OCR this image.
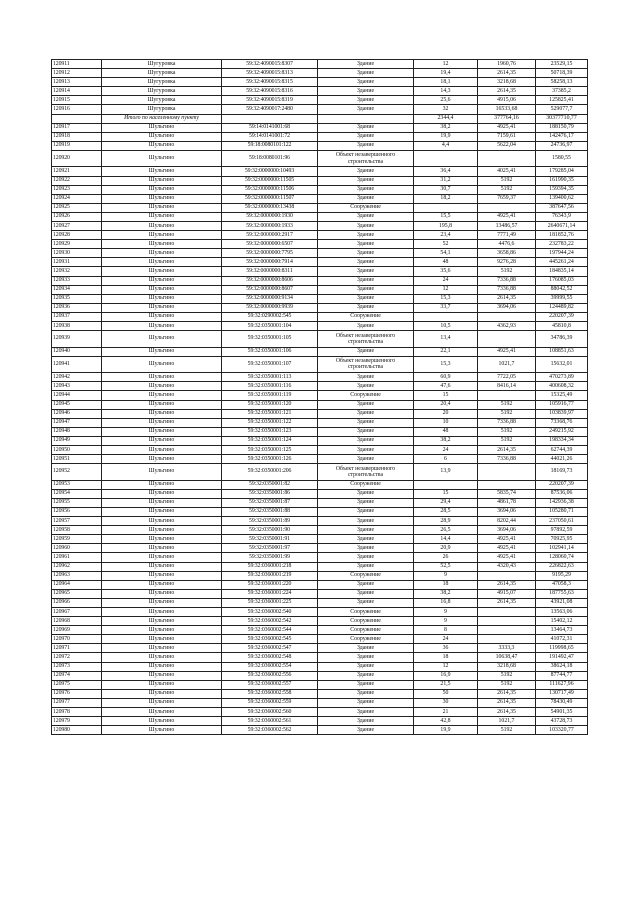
120911	Шугуровка	59:32:4090015:8307	Здание	12	1960,76	23529,15
120912	Шугуровка	59:32:4090015:8313	Здание	19,4	2614,35	50718,39
120913	Шугуровка	59:32:4090015:8315	Здание	18,1	3218,68	58258,13
120914	Шугуровка	59:32:4090015:8316	Здание	14,3	2614,35	37385,2
120915	Шугуровка	59:32:4090015:8319	Здание	25,6	4915,06	125825,41
120916	Шугуровка	59:32:4090017:2480	Здание	32	16533,68	529077,7
	Итого по населенному пункту			2344,4	377764,16	30377710,77
120917	Шульгино	59:14:0141001:68	Здание	38,2	4925,41	188150,79
120918	Шульгино	59:14:0141001:72	Здание	19,9	7159,61	142476,17
120919	Шульгино	59:18:0080101:122	Здание	4,4	5622,04	24736,97
120920	Шульгино	59:18:0080101:96	Объект незавершенного строительства			1580,55
120921	Шульгино	59:32:0000000:10493	Здание	36,4	4025,41	179285,04
120922	Шульгино	59:32:0000000:11505	Здание	31,2	5192	161990,35
120923	Шульгино	59:32:0000000:11506	Здание	30,7	5192	159394,35
120924	Шульгино	59:32:0000000:11507	Здание	18,2	7659,37	139400,62
120925	Шульгино	59:32:0000000:13438	Сооружение			387647,56
120926	Шульгино	59:32:0000000:1930	Здание	15,5	4925,41	76343,9
120927	Шульгино	59:32:0000000:1933	Здание	195,8	13486,57	2640671,14
120928	Шульгино	59:32:0000000:2917	Здание	23,4	7771,49	181852,76
120929	Шульгино	59:32:0000000:6507	Здание	52	4476,6	232783,22
120930	Шульгино	59:32:0000000:7795	Здание	54,1	3658,86	197944,24
120931	Шульгино	59:32:0000000:7914	Здание	48	9276,28	445261,24
120932	Шульгино	59:32:0000000:8311	Здание	35,6	5192	184835,14
120933	Шульгино	59:32:0000000:8606	Здание	24	7336,88	176085,03
120934	Шульгино	59:32:0000000:8607	Здание	12	7336,88	88042,52
120935	Шульгино	59:32:0000000:9134	Здание	15,3	2614,35	39999,55
120936	Шульгино	59:32:0000000:9939	Здание	33,7	3694,06	124489,82
120937	Шульгино	59:32:0290002:545	Сооружение			220207,39
120938	Шульгино	59:32:0350001:104	Здание	10,5	4362,93	45810,8
120939	Шульгино	59:32:0350001:105	Объект незавершенного строительства	13,4		34786,39
120940	Шульгино	59:32:0350001:106	Здание	22,1	4925,41	108851,63
120941	Шульгино	59:32:0350001:107	Объект незавершенного строительства	15,3	1021,7	15632,01
120942	Шульгино	59:32:0350001:113	Здание	60,9	7722,05	470273,89
120943	Шульгино	59:32:0350001:116	Здание	47,6	8416,14	400608,32
120944	Шульгино	59:32:0350001:119	Сооружение	15		15325,49
120945	Шульгино	59:32:0350001:120	Здание	20,4	5192	105916,77
120946	Шульгино	59:32:0350001:121	Здание	20	5192	103839,97
120947	Шульгино	59:32:0350001:122	Здание	10	7336,88	73368,76
120948	Шульгино	59:32:0350001:123	Здание	48	5192	249215,92
120949	Шульгино	59:32:0350001:124	Здание	38,2	5192	198334,34
120950	Шульгино	59:32:0350001:125	Здание	24	2614,35	62744,39
120951	Шульгино	59:32:0350001:126	Здание	6	7336,88	44021,26
120952	Шульгино	59:32:0350001:206	Объект незавершенного строительства	13,9		18169,73
120953	Шульгино	59:32:0350001:82	Сооружение			220207,39
120954	Шульгино	59:32:0350001:86	Здание	15	5835,74	87536,06
120955	Шульгино	59:32:0350001:87	Здание	29,4	4861,78	142936,38
120956	Шульгино	59:32:0350001:88	Здание	28,5	3694,06	105280,71
120957	Шульгино	59:32:0350001:89	Здание	28,9	8202,44	237050,61
120958	Шульгино	59:32:0350001:90	Здание	26,5	3694,06	97892,59
120959	Шульгино	59:32:0350001:91	Здание	14,4	4925,41	70925,95
120960	Шульгино	59:32:0350001:97	Здание	20,9	4925,41	102941,14
120961	Шульгино	59:32:0350001:99	Здание	26	4925,41	128060,74
120962	Шульгино	59:32:0360001:218	Здание	52,5	4320,43	226822,63
120963	Шульгино	59:32:0360001:219	Сооружение	9		9195,29
120964	Шульгино	59:32:0360001:220	Здание	18	2614,35	47058,3
120965	Шульгино	59:32:0360001:224	Здание	38,2	4915,07	187755,63
120966	Шульгино	59:32:0360001:225	Здание	16,8	2614,35	43921,08
120967	Шульгино	59:32:0360002:540	Сооружение	9		13563,06
120968	Шульгино	59:32:0360002:542	Сооружение	9		15402,12
120969	Шульгино	59:32:0360002:544	Сооружение	8		13464,73
120970	Шульгино	59:32:0360002:545	Сооружение	24		41072,31
120971	Шульгино	59:32:0360002:547	Здание	36	3333,3	119998,65
120972	Шульгино	59:32:0360002:548	Здание	18	10638,47	191492,47
120973	Шульгино	59:32:0360002:554	Здание	12	3218,68	38624,18
120974	Шульгино	59:32:0360002:556	Здание	16,9	5192	87744,77
120975	Шульгино	59:32:0360002:557	Здание	21,5	5192	111627,96
120976	Шульгино	59:32:0360002:558	Здание	50	2614,35	130717,49
120977	Шульгино	59:32:0360002:559	Здание	30	2614,35	78430,49
120978	Шульгино	59:32:0360002:560	Здание	21	2614,35	54901,35
120979	Шульгино	59:32:0360002:561	Здание	42,8	1021,7	43728,73
120980	Шульгино	59:32:0360002:562	Здание	19,9	5192	103320,77
